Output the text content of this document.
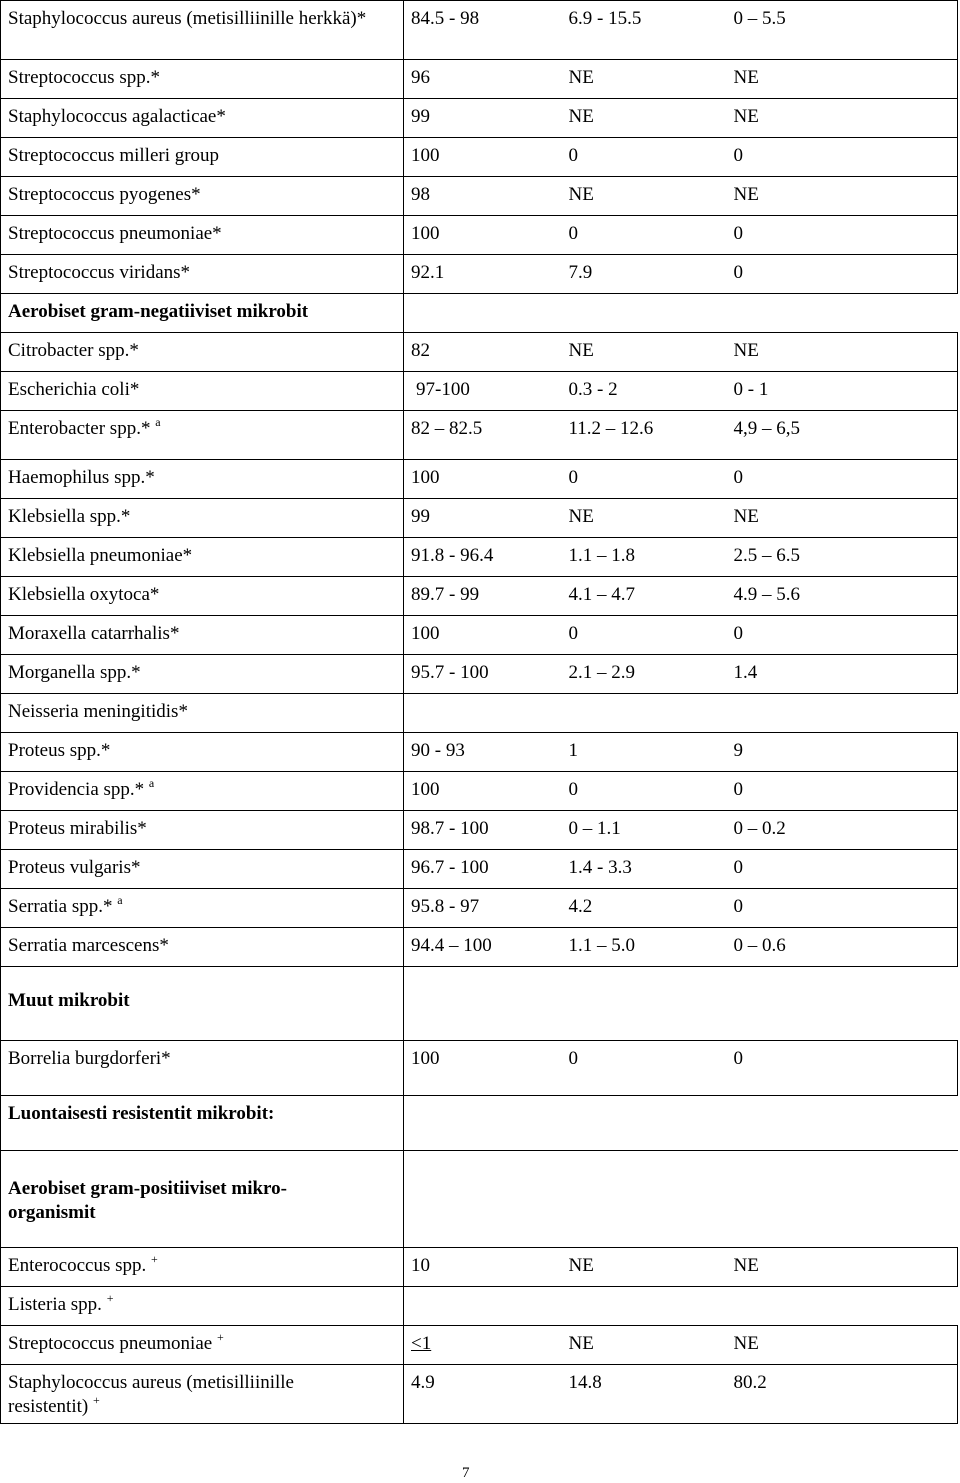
Staphylococcus aureus (metisilliinille herkkä)*	84.5 - 98	6.9 - 15.5	0 – 5.5
Streptococcus spp.*	96	NE	NE
Staphylococcus agalacticae*	99	NE	NE
Streptococcus milleri group	100	0	0
Streptococcus pyogenes*	98	NE	NE
Streptococcus pneumoniae*	100	0	0
Streptococcus viridans*	92.1	7.9	0
Aerobiset gram-negatiiviset mikrobit			
Citrobacter spp.*	82	NE	NE
Escherichia coli*	97-100	0.3 - 2	0 - 1
Enterobacter spp.* $^a$	82 – 82.5	11.2 – 12.6	4,9 – 6,5
Haemophilus spp.*	100	0	0
Klebsiella spp.*	99	NE	NE
Klebsiella pneumoniae*	91.8 - 96.4	1.1 – 1.8	2.5 – 6.5
Klebsiella oxytoca*	89.7 - 99	4.1 – 4.7	4.9 – 5.6
Moraxella catarrhalis*	100	0	0
Morganella spp.*	95.7 - 100	2.1 – 2.9	1.4
Neisseria meningitidis*			
Proteus spp.*	90 - 93	1	9
Providencia spp.* $^a$	100	0	0
Proteus mirabilis*	98.7 - 100	0 – 1.1	0 – 0.2
Proteus vulgaris*	96.7 - 100	1.4 - 3.3	0
Serratia spp.* $^a$	95.8 - 97	4.2	0
Serratia marcescens*	94.4 – 100	1.1 – 5.0	0 – 0.6
Muut mikrobit			
Borrelia burgdorferi*	100	0	0
Luontaisesti resistentit mikrobit:			
Aerobiset gram-positiiviset mikro-organismit			
Enterococcus spp. +	10	NE	NE
Listeria spp. +	
Streptococcus pneumoniae +	<1	NE	NE
Staphylococcus aureus (metisilliinille resistentit) +	4.9	14.8	80.2
7
